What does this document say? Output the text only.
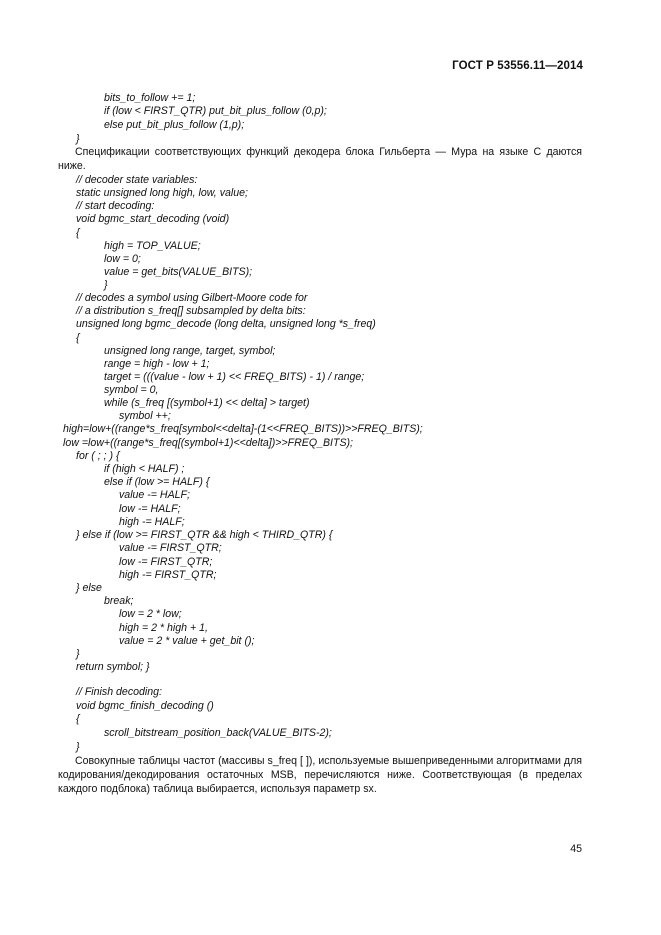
ГОСТ Р 53556.11—2014
bits_to_follow += 1;
if (low < FIRST_QTR) put_bit_plus_follow (0,p);
else put_bit_plus_follow (1,p);
}
Спецификации соответствующих функций декодера блока Гильберта — Мура на языке С даются ниже.
// decoder state variables:
static unsigned long high, low, value;
// start decoding:
void bgmc_start_decoding (void)
{
high = TOP_VALUE;
low = 0;
value = get_bits(VALUE_BITS);
}
// decodes a symbol using Gilbert-Moore code for
// a distribution s_freq[] subsampled by delta bits:
unsigned long bgmc_decode (long delta, unsigned long *s_freq)
{
unsigned long range, target, symbol;
range = high - low + 1;
target = (((value - low + 1) << FREQ_BITS) - 1) / range;
symbol = 0,
while (s_freq [(symbol+1) << delta] > target)
symbol ++;
high=low+((range*s_freq[symbol<<delta]-(1<<FREQ_BITS))>>FREQ_BITS);
low =low+((range*s_freq[(symbol+1)<<delta])>>FREQ_BITS);
for ( ; ; ) {
if (high < HALF) ;
else if (low >= HALF) {
value -= HALF;
low -= HALF;
high -= HALF;
} else if (low >= FIRST_QTR && high < THIRD_QTR) {
value -= FIRST_QTR;
low -= FIRST_QTR;
high -= FIRST_QTR;
} else
break;
low = 2 * low;
high = 2 * high + 1,
value = 2 * value + get_bit ();
}
return symbol; }
// Finish decoding:
void bgmc_finish_decoding ()
{
scroll_bitstream_position_back(VALUE_BITS-2);
}
Совокупные таблицы частот (массивы s_freq [ ]), используемые вышеприведенными алгоритмами для кодирования/декодирования остаточных MSB, перечисляются ниже. Соответствующая (в пределах каждого подблока) таблица выбирается, используя параметр sx.
45
